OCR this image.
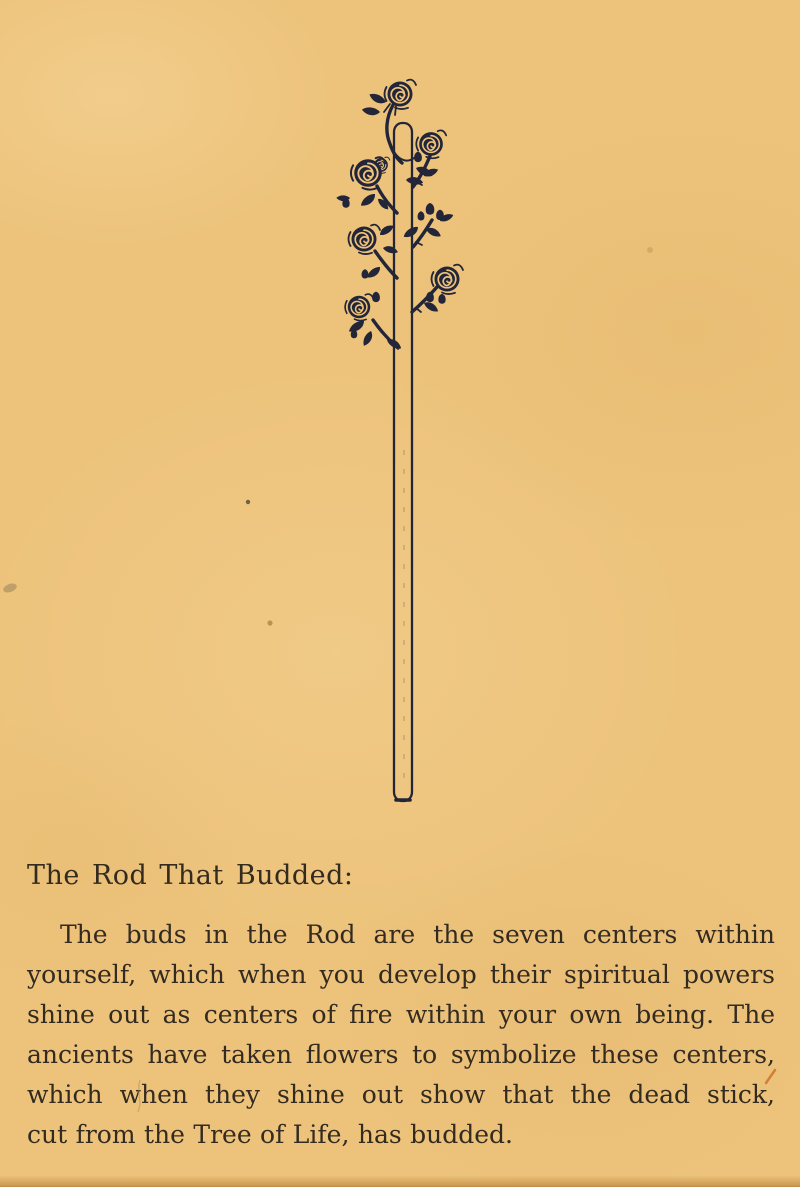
The Rod That Budded:
The buds in the Rod are the seven centers within
yourself, which when you develop their spiritual powers
shine out as centers of fire within your own being. The
ancients have taken flowers to symbolize these centers,
which when they shine out show that the dead stick,
cut from the Tree of Life, has budded.
